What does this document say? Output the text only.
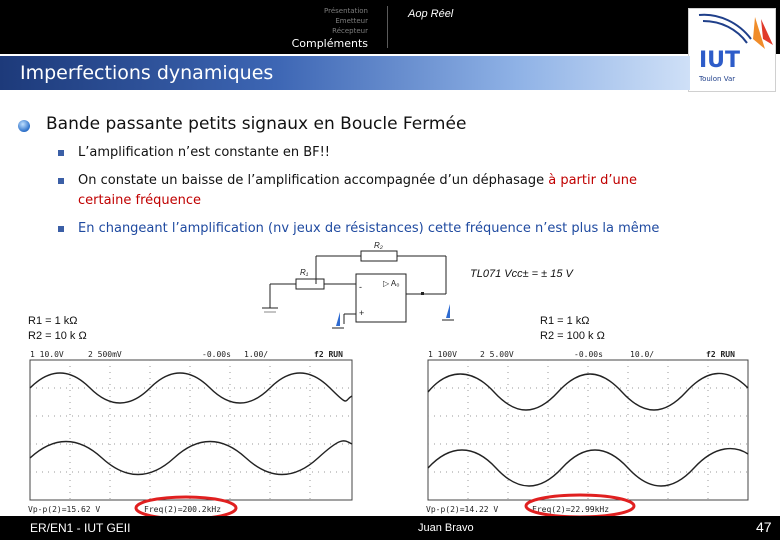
Présentation
Emetteur
Récepteur
Compléments
Aop Réel
IUT
Toulon Var
Imperfections dynamiques
Bande passante petits signaux en Boucle Fermée
L’amplification n’est constante en BF!!
On constate un baisse de l’amplification accompagnée d’un déphasage à partir d’une
certaine fréquence
En changeant l’amplification (nv jeux de résistances) cette fréquence n’est plus la même
R₂
R₁
-
+
▷ A₀
TL071 Vcc± = ± 15 V
R1 = 1 kΩ
R2 = 10 k Ω
R1 = 1 kΩ
R2 = 100 k Ω
1 10.0V	2 500mV	-0.00s 1.00/	f2 RUN
Vp-p(2)=15.62 V	Freq(2)=200.2kHz
1 100V	2 5.00V	-0.00s	10.0/	f2 RUN
Vp-p(2)=14.22 V	Freq(2)=22.99kHz
ER/EN1 - IUT GEII	Juan Bravo	47
